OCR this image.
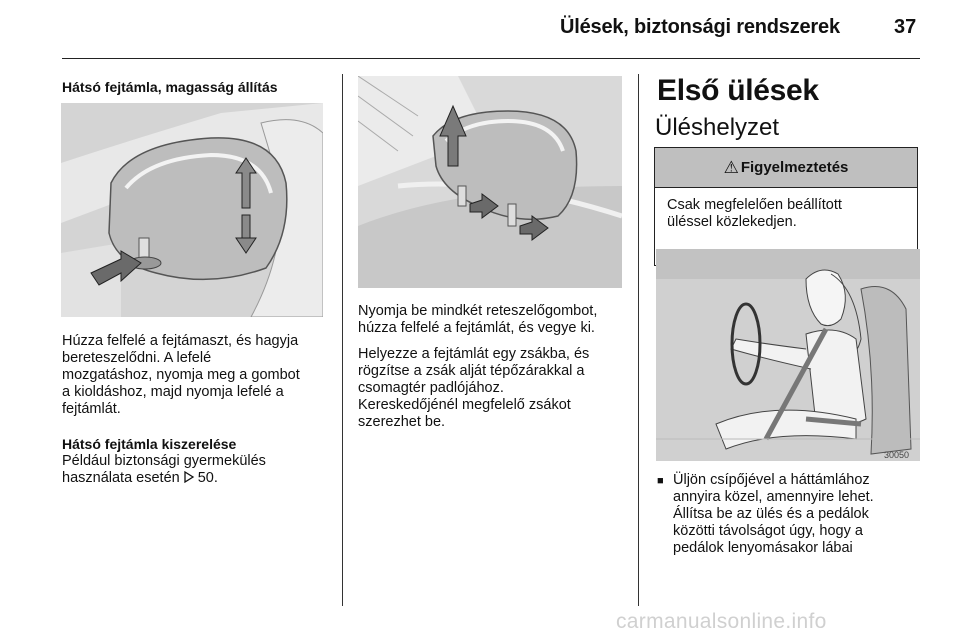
Ülések, biztonsági rendszerek	37
Hátsó fejtámla, magasság állítás
Húzza felfelé a fejtámaszt, és hagyja
bereteszelődni. A lefelé
mozgatáshoz, nyomja meg a gombot
a kioldáshoz, majd nyomja lefelé a
fejtámlát.
Hátsó fejtámla kiszerelése
Például biztonsági gyermekülés
használata esetén 50.
Nyomja be mindkét reteszelőgombot,
húzza felfelé a fejtámlát, és vegye ki.
Helyezze a fejtámlát egy zsákba, és
rögzítse a zsák alját tépőzárakkal a
csomagtér padlójához.
Kereskedőjénél megfelelő zsákot
szerezhet be.
Első ülések
Üléshelyzet
⚠ Figyelmeztetés
Csak megfelelően beállított
üléssel közlekedjen.
30050
■ Üljön csípőjével a háttámlához
annyira közel, amennyire lehet.
Állítsa be az ülés és a pedálok
közötti távolságot úgy, hogy a
pedálok lenyomásakor lábai
carmanualsonline.info
